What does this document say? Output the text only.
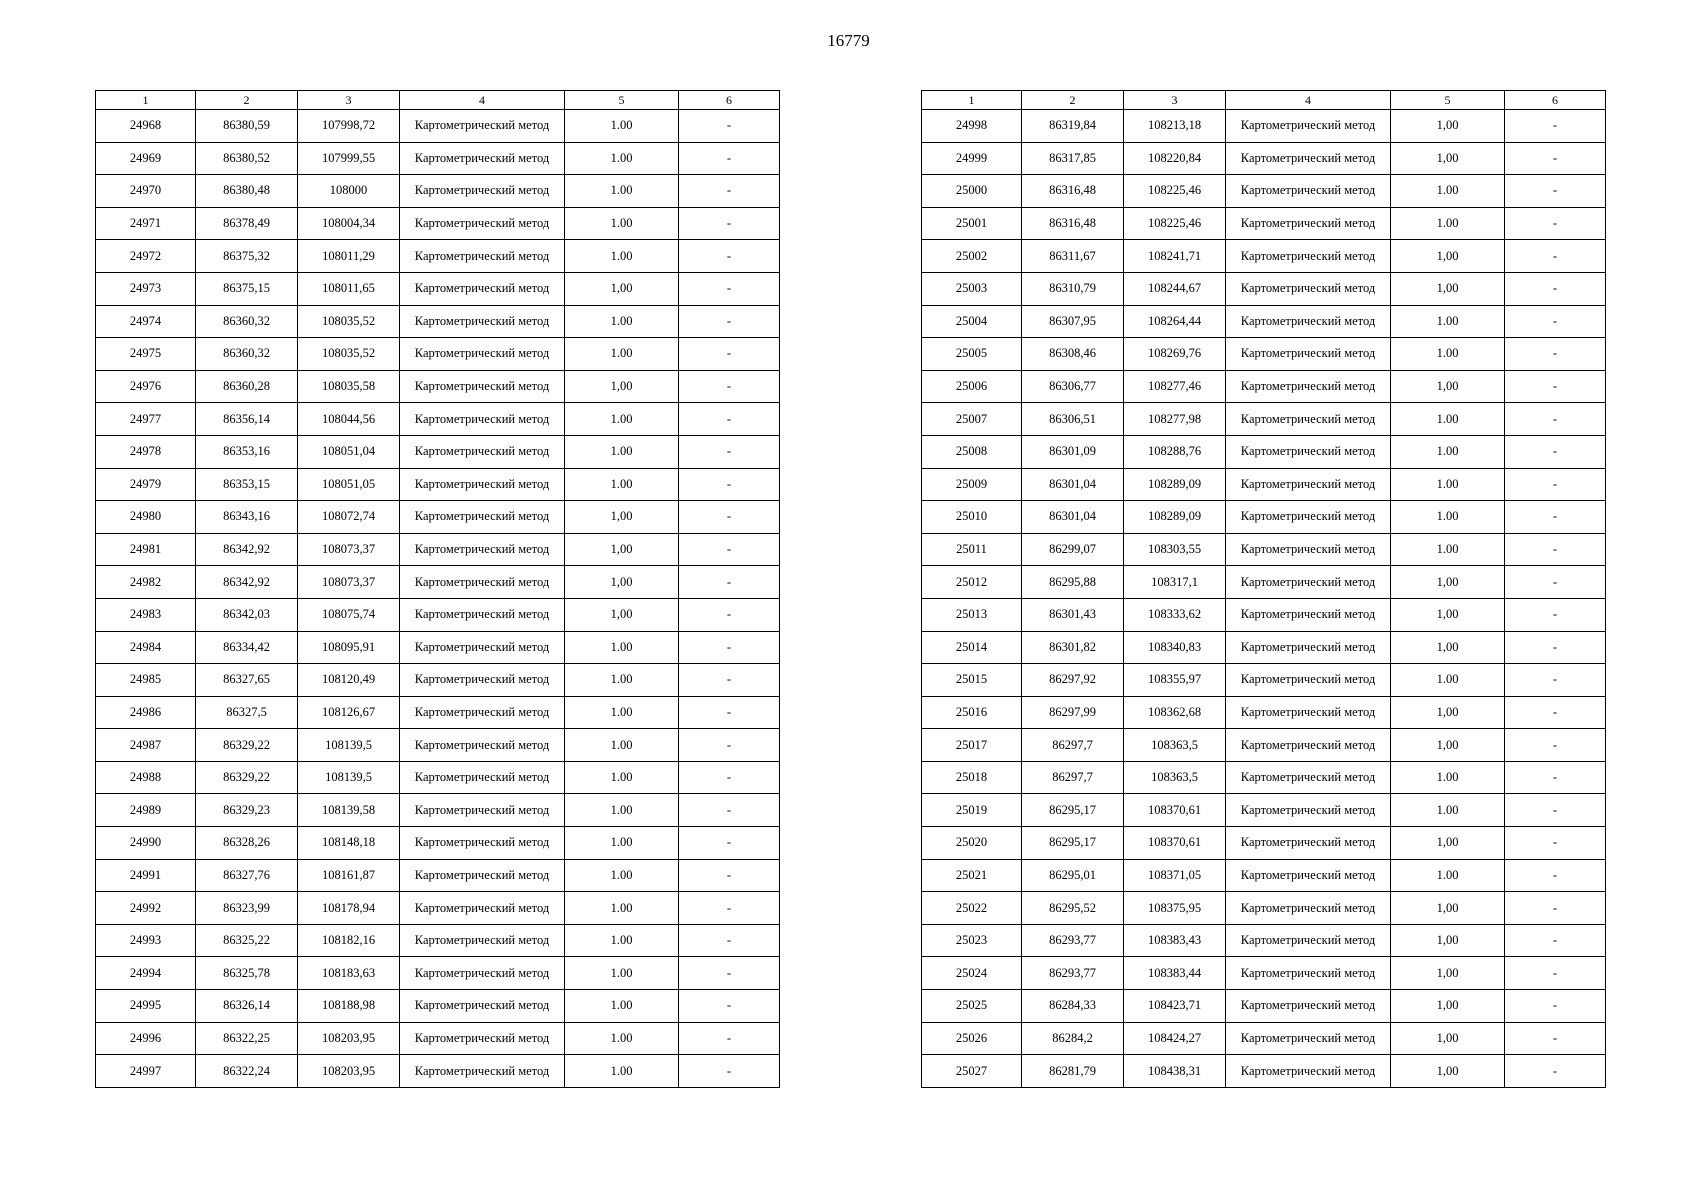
16779
1	2	3	4	5	6
24968	86380,59	107998,72	Картометрический метод	1.00	-
24969	86380,52	107999,55	Картометрический метод	1.00	-
24970	86380,48	108000	Картометрический метод	1.00	-
24971	86378,49	108004,34	Картометрический метод	1.00	-
24972	86375,32	108011,29	Картометрический метод	1.00	-
24973	86375,15	108011,65	Картометрический метод	1,00	-
24974	86360,32	108035,52	Картометрический метод	1.00	-
24975	86360,32	108035,52	Картометрический метод	1.00	-
24976	86360,28	108035,58	Картометрический метод	1,00	-
24977	86356,14	108044,56	Картометрический метод	1.00	-
24978	86353,16	108051,04	Картометрический метод	1.00	-
24979	86353,15	108051,05	Картометрический метод	1.00	-
24980	86343,16	108072,74	Картометрический метод	1,00	-
24981	86342,92	108073,37	Картометрический метод	1,00	-
24982	86342,92	108073,37	Картометрический метод	1,00	-
24983	86342,03	108075,74	Картометрический метод	1,00	-
24984	86334,42	108095,91	Картометрический метод	1.00	-
24985	86327,65	108120,49	Картометрический метод	1.00	-
24986	86327,5	108126,67	Картометрический метод	1.00	-
24987	86329,22	108139,5	Картометрический метод	1.00	-
24988	86329,22	108139,5	Картометрический метод	1.00	-
24989	86329,23	108139,58	Картометрический метод	1.00	-
24990	86328,26	108148,18	Картометрический метод	1.00	-
24991	86327,76	108161,87	Картометрический метод	1.00	-
24992	86323,99	108178,94	Картометрический метод	1.00	-
24993	86325,22	108182,16	Картометрический метод	1.00	-
24994	86325,78	108183,63	Картометрический метод	1.00	-
24995	86326,14	108188,98	Картометрический метод	1.00	-
24996	86322,25	108203,95	Картометрический метод	1.00	-
24997	86322,24	108203,95	Картометрический метод	1.00	-
1	2	3	4	5	6
24998	86319,84	108213,18	Картометрический метод	1,00	-
24999	86317,85	108220,84	Картометрический метод	1,00	-
25000	86316,48	108225,46	Картометрический метод	1.00	-
25001	86316,48	108225,46	Картометрический метод	1.00	-
25002	86311,67	108241,71	Картометрический метод	1,00	-
25003	86310,79	108244,67	Картометрический метод	1,00	-
25004	86307,95	108264,44	Картометрический метод	1.00	-
25005	86308,46	108269,76	Картометрический метод	1.00	-
25006	86306,77	108277,46	Картометрический метод	1,00	-
25007	86306,51	108277,98	Картометрический метод	1.00	-
25008	86301,09	108288,76	Картометрический метод	1.00	-
25009	86301,04	108289,09	Картометрический метод	1.00	-
25010	86301,04	108289,09	Картометрический метод	1.00	-
25011	86299,07	108303,55	Картометрический метод	1.00	-
25012	86295,88	108317,1	Картометрический метод	1,00	-
25013	86301,43	108333,62	Картометрический метод	1,00	-
25014	86301,82	108340,83	Картометрический метод	1,00	-
25015	86297,92	108355,97	Картометрический метод	1.00	-
25016	86297,99	108362,68	Картометрический метод	1,00	-
25017	86297,7	108363,5	Картометрический метод	1,00	-
25018	86297,7	108363,5	Картометрический метод	1.00	-
25019	86295,17	108370,61	Картометрический метод	1.00	-
25020	86295,17	108370,61	Картометрический метод	1,00	-
25021	86295,01	108371,05	Картометрический метод	1.00	-
25022	86295,52	108375,95	Картометрический метод	1,00	-
25023	86293,77	108383,43	Картометрический метод	1,00	-
25024	86293,77	108383,44	Картометрический метод	1,00	-
25025	86284,33	108423,71	Картометрический метод	1,00	-
25026	86284,2	108424,27	Картометрический метод	1,00	-
25027	86281,79	108438,31	Картометрический метод	1,00	-
